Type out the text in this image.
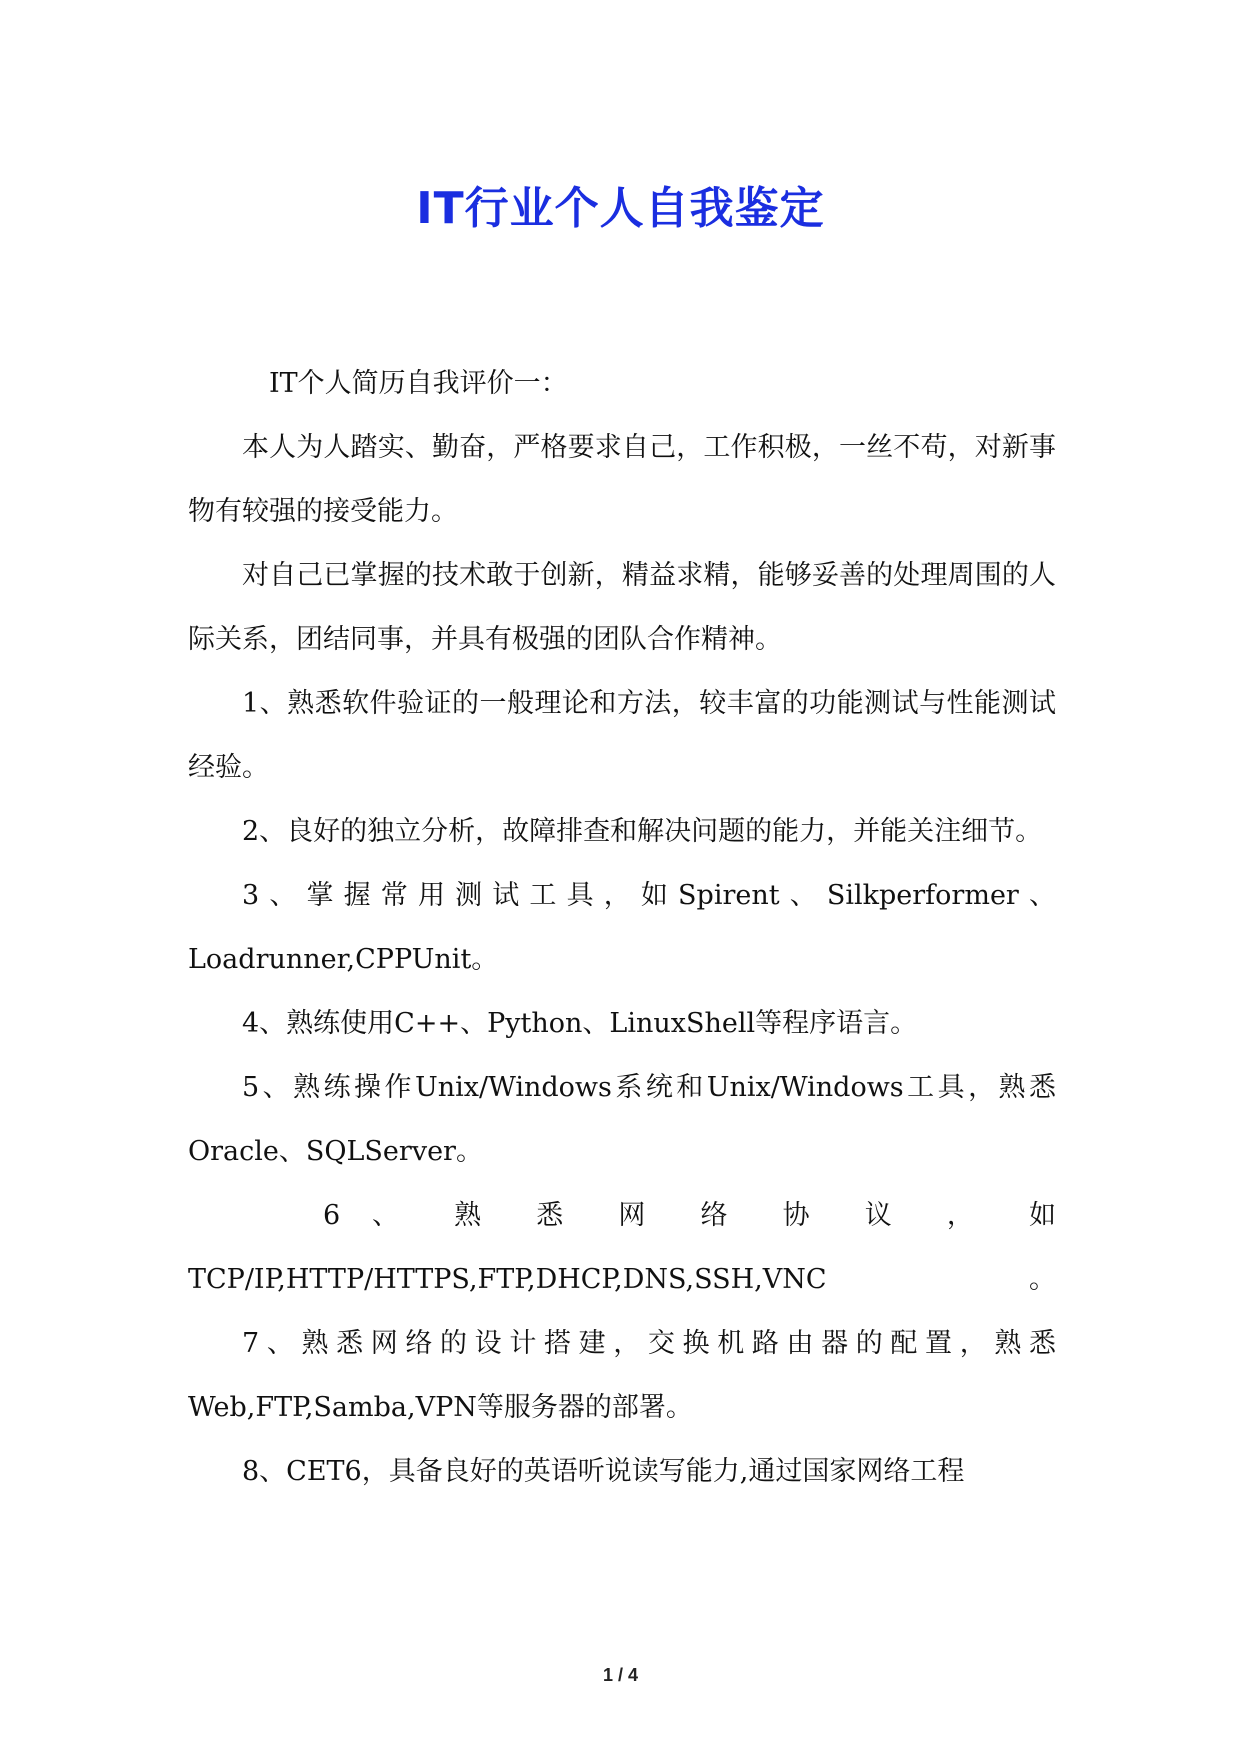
IT行业个人自我鉴定

IT个人简历自我评价一：

本人为人踏实、勤奋，严格要求自己，工作积极，一丝不苟，对新事物有较强的接受能力。

对自己已掌握的技术敢于创新，精益求精，能够妥善的处理周围的人际关系，团结同事，并具有极强的团队合作精神。

1、熟悉软件验证的一般理论和方法，较丰富的功能测试与性能测试经验。

2、良好的独立分析，故障排查和解决问题的能力，并能关注细节。

3、掌握常用测试工具，如Spirent、Silkperformer、Loadrunner,CPPUnit。

4、熟练使用C++、Python、LinuxShell等程序语言。

5、熟练操作Unix/Windows系统和Unix/Windows工具，熟悉Oracle、SQLServer。

6 、 熟 悉 网 络 协 议 ， 如 TCP/IP,HTTP/HTTPS,FTP,DHCP,DNS,SSH,VNC。

7、熟悉网络的设计搭建，交换机路由器的配置，熟悉Web,FTP,Samba,VPN等服务器的部署。

8、CET6，具备良好的英语听说读写能力,通过国家网络工程

1 / 4
